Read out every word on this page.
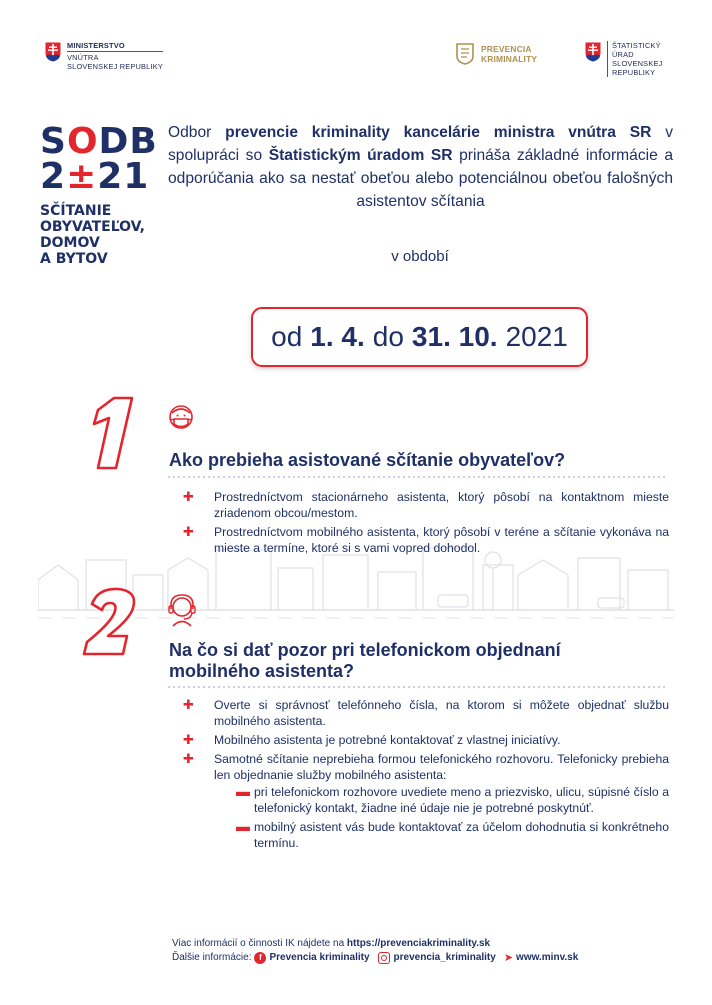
MINISTERSTVO
VNÚTRA
SLOVENSKEJ REPUBLIKY
PREVENCIA
KRIMINALITY
ŠTATISTICKÝ
ÚRAD
SLOVENSKEJ
REPUBLIKY
SODB
2±21
SČÍTANIE
OBYVATEĽOV,
DOMOV
A BYTOV
Odbor prevencie kriminality kancelárie ministra vnútra SR v spolupráci so Štatistickým úradom SR prináša základné informácie a odporúčania ako sa nestať obeťou alebo potenciálnou obeťou falošných asistentov sčítania
v období
od 1. 4. do 31. 10. 2021
Ako prebieha asistované sčítanie obyvateľov?
✚ Prostredníctvom stacionárneho asistenta, ktorý pôsobí na kontaktnom mieste zriadenom obcou/mestom.
✚ Prostredníctvom mobilného asistenta, ktorý pôsobí v teréne a sčítanie vykonáva na mieste a termíne, ktoré si s vami vopred dohodol.
Na čo si dať pozor pri telefonickom objednaní mobilného asistenta?
✚ Overte si správnosť telefónneho čísla, na ktorom si môžete objednať službu mobilného asistenta.
✚ Mobilného asistenta je potrebné kontaktovať z vlastnej iniciatívy.
✚ Samotné sčítanie neprebieha formou telefonického rozhovoru. Telefonicky prebieha len objednanie služby mobilného asistenta:
▬ pri telefonickom rozhovore uvediete meno a priezvisko, ulicu, súpisné číslo a telefonický kontakt, žiadne iné údaje nie je potrebné poskytnúť.
▬ mobilný asistent vás bude kontaktovať za účelom dohodnutia si konkrétneho termínu.
Viac informácií o činnosti IK nájdete na https://prevenciakriminality.sk
Ďalšie informácie: f Prevencia kriminality prevencia_kriminality ➤ www.minv.sk
